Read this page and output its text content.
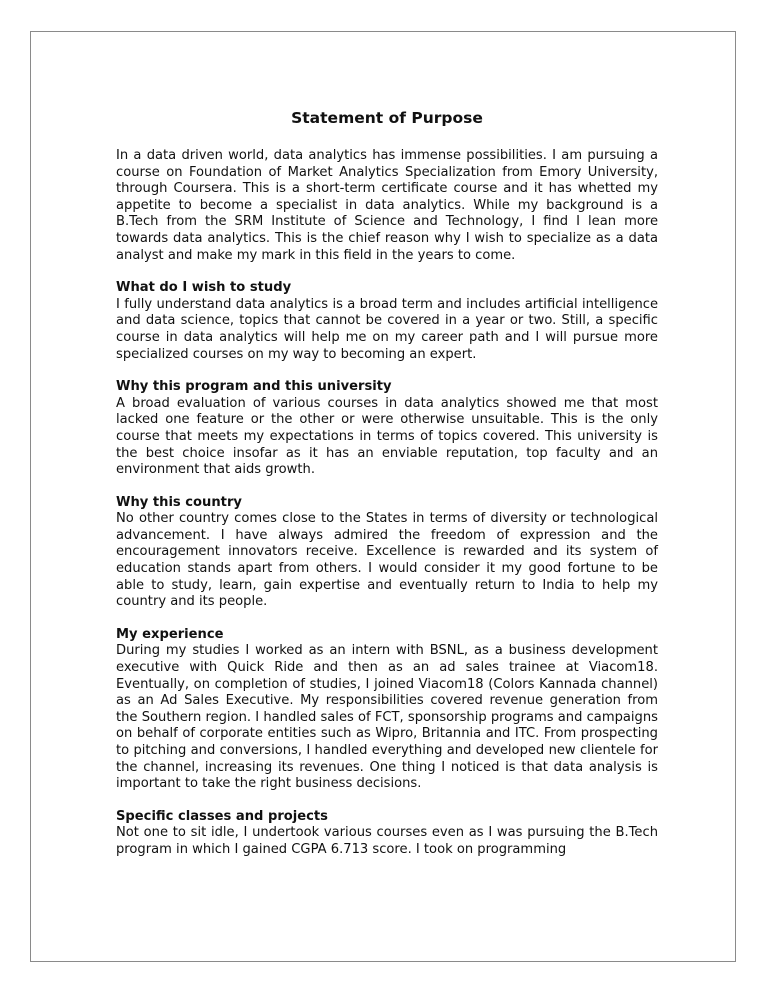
Statement of Purpose

In a data driven world, data analytics has immense possibilities. I am pursuing a course on Foundation of Market Analytics Specialization from Emory University, through Coursera. This is a short-term certificate course and it has whetted my appetite to become a specialist in data analytics. While my background is a B.Tech from the SRM Institute of Science and Technology, I find I lean more towards data analytics. This is the chief reason why I wish to specialize as a data analyst and make my mark in this field in the years to come.

What do I wish to study

I fully understand data analytics is a broad term and includes artificial intelligence and data science, topics that cannot be covered in a year or two. Still, a specific course in data analytics will help me on my career path and I will pursue more specialized courses on my way to becoming an expert.

Why this program and this university

A broad evaluation of various courses in data analytics showed me that most lacked one feature or the other or were otherwise unsuitable. This is the only course that meets my expectations in terms of topics covered. This university is the best choice insofar as it has an enviable reputation, top faculty and an environment that aids growth.

Why this country

No other country comes close to the States in terms of diversity or technological advancement. I have always admired the freedom of expression and the encouragement innovators receive. Excellence is rewarded and its system of education stands apart from others. I would consider it my good fortune to be able to study, learn, gain expertise and eventually return to India to help my country and its people.

My experience

During my studies I worked as an intern with BSNL, as a business development executive with Quick Ride and then as an ad sales trainee at Viacom18. Eventually, on completion of studies, I joined Viacom18 (Colors Kannada channel) as an Ad Sales Executive. My responsibilities covered revenue generation from the Southern region. I handled sales of FCT, sponsorship programs and campaigns on behalf of corporate entities such as Wipro, Britannia and ITC. From prospecting to pitching and conversions, I handled everything and developed new clientele for the channel, increasing its revenues. One thing I noticed is that data analysis is important to take the right business decisions.

Specific classes and projects

Not one to sit idle, I undertook various courses even as I was pursuing the B.Tech program in which I gained CGPA 6.713 score. I took on programming
